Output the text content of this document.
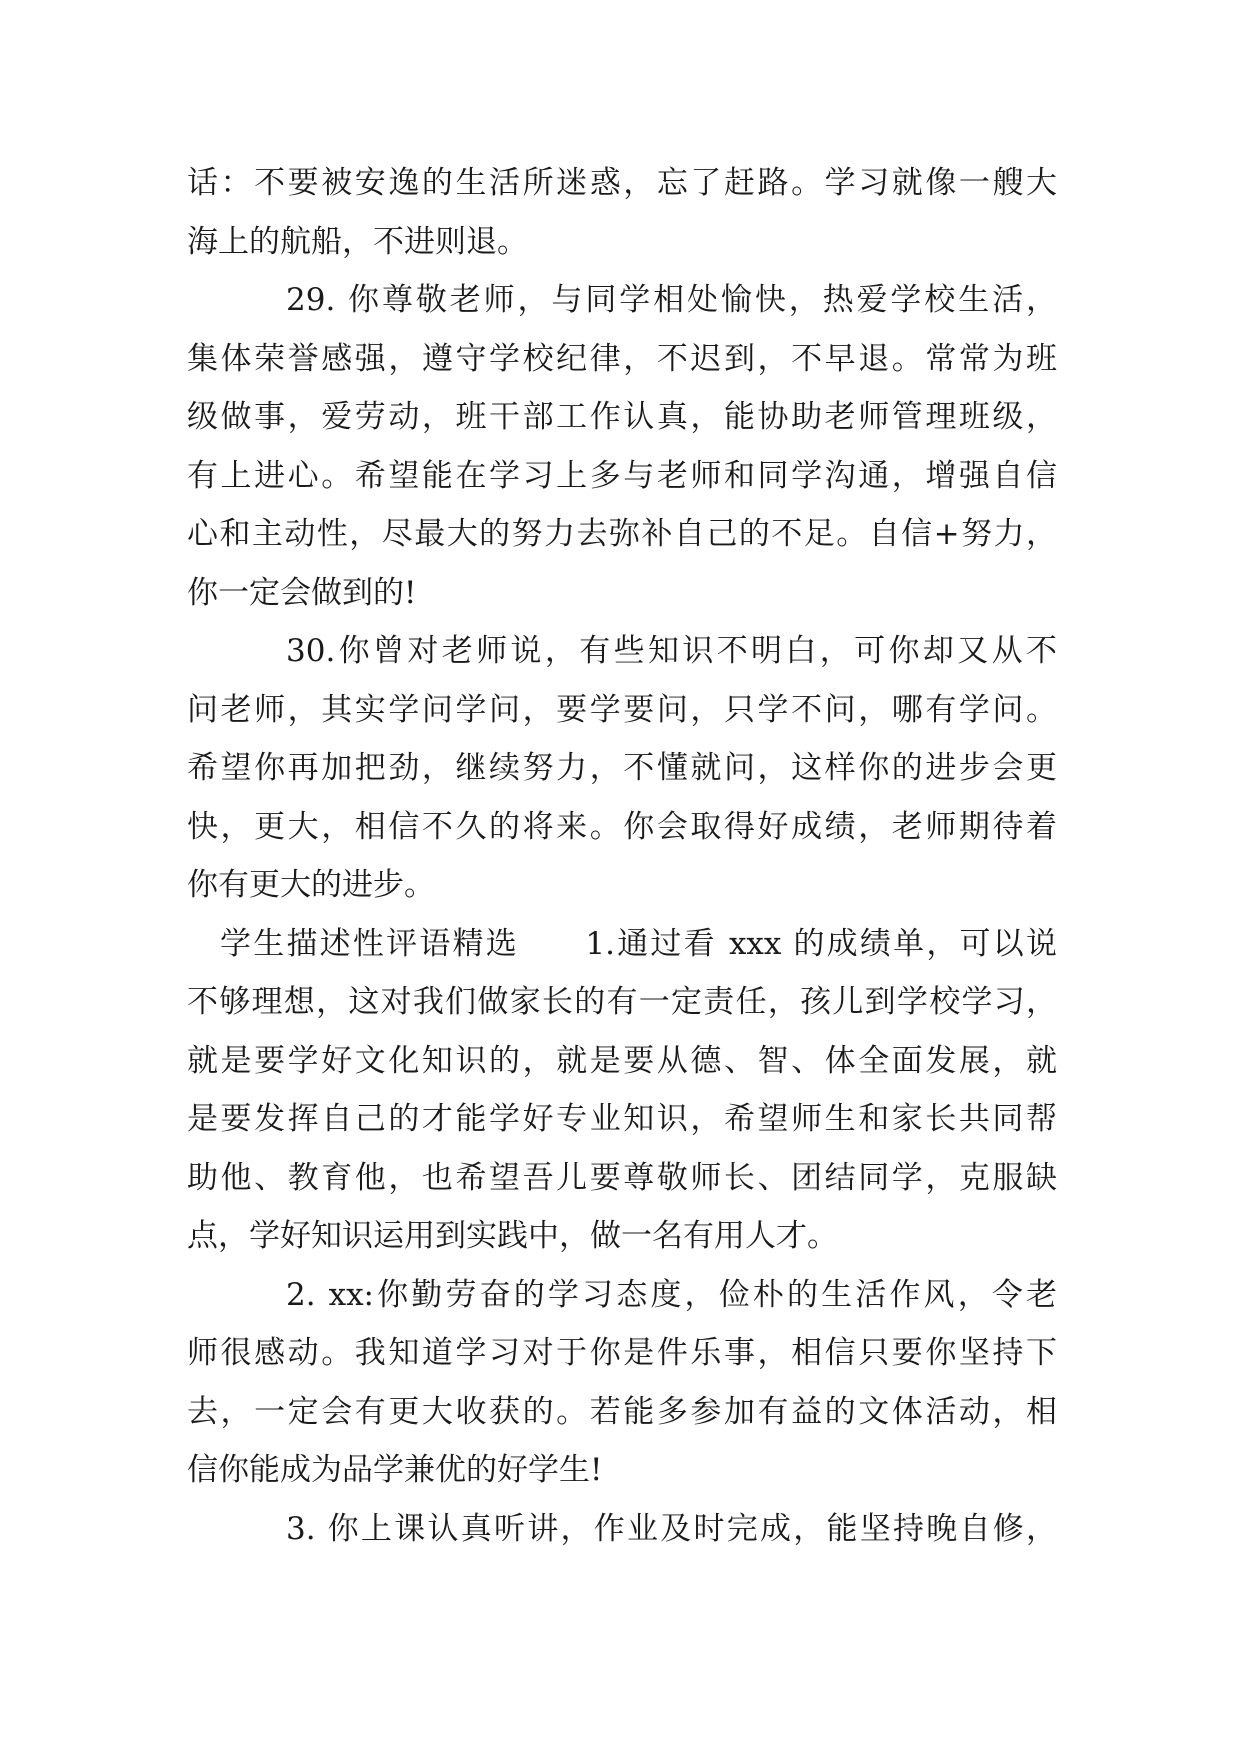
话：不要被安逸的生活所迷惑，忘了赶路。学习就像一艘大
海上的航船，不进则退。
29. 你尊敬老师，与同学相处愉快，热爱学校生活，
集体荣誉感强，遵守学校纪律，不迟到，不早退。常常为班
级做事，爱劳动，班干部工作认真，能协助老师管理班级，
有上进心。希望能在学习上多与老师和同学沟通，增强自信
心和主动性，尽最大的努力去弥补自己的不足。自信+努力，
你一定会做到的!
30.你曾对老师说，有些知识不明白，可你却又从不
问老师，其实学问学问，要学要问，只学不问，哪有学问。
希望你再加把劲，继续努力，不懂就问，这样你的进步会更
快，更大，相信不久的将来。你会取得好成绩，老师期待着
你有更大的进步。
学生描述性评语精选　　1.通过看 xxx 的成绩单，可以说
不够理想，这对我们做家长的有一定责任，孩儿到学校学习，
就是要学好文化知识的，就是要从德、智、体全面发展，就
是要发挥自己的才能学好专业知识，希望师生和家长共同帮
助他、教育他，也希望吾儿要尊敬师长、团结同学，克服缺
点，学好知识运用到实践中，做一名有用人才。
2. xx:你勤劳奋的学习态度，俭朴的生活作风，令老
师很感动。我知道学习对于你是件乐事，相信只要你坚持下
去，一定会有更大收获的。若能多参加有益的文体活动，相
信你能成为品学兼优的好学生!
3. 你上课认真听讲，作业及时完成，能坚持晚自修，
